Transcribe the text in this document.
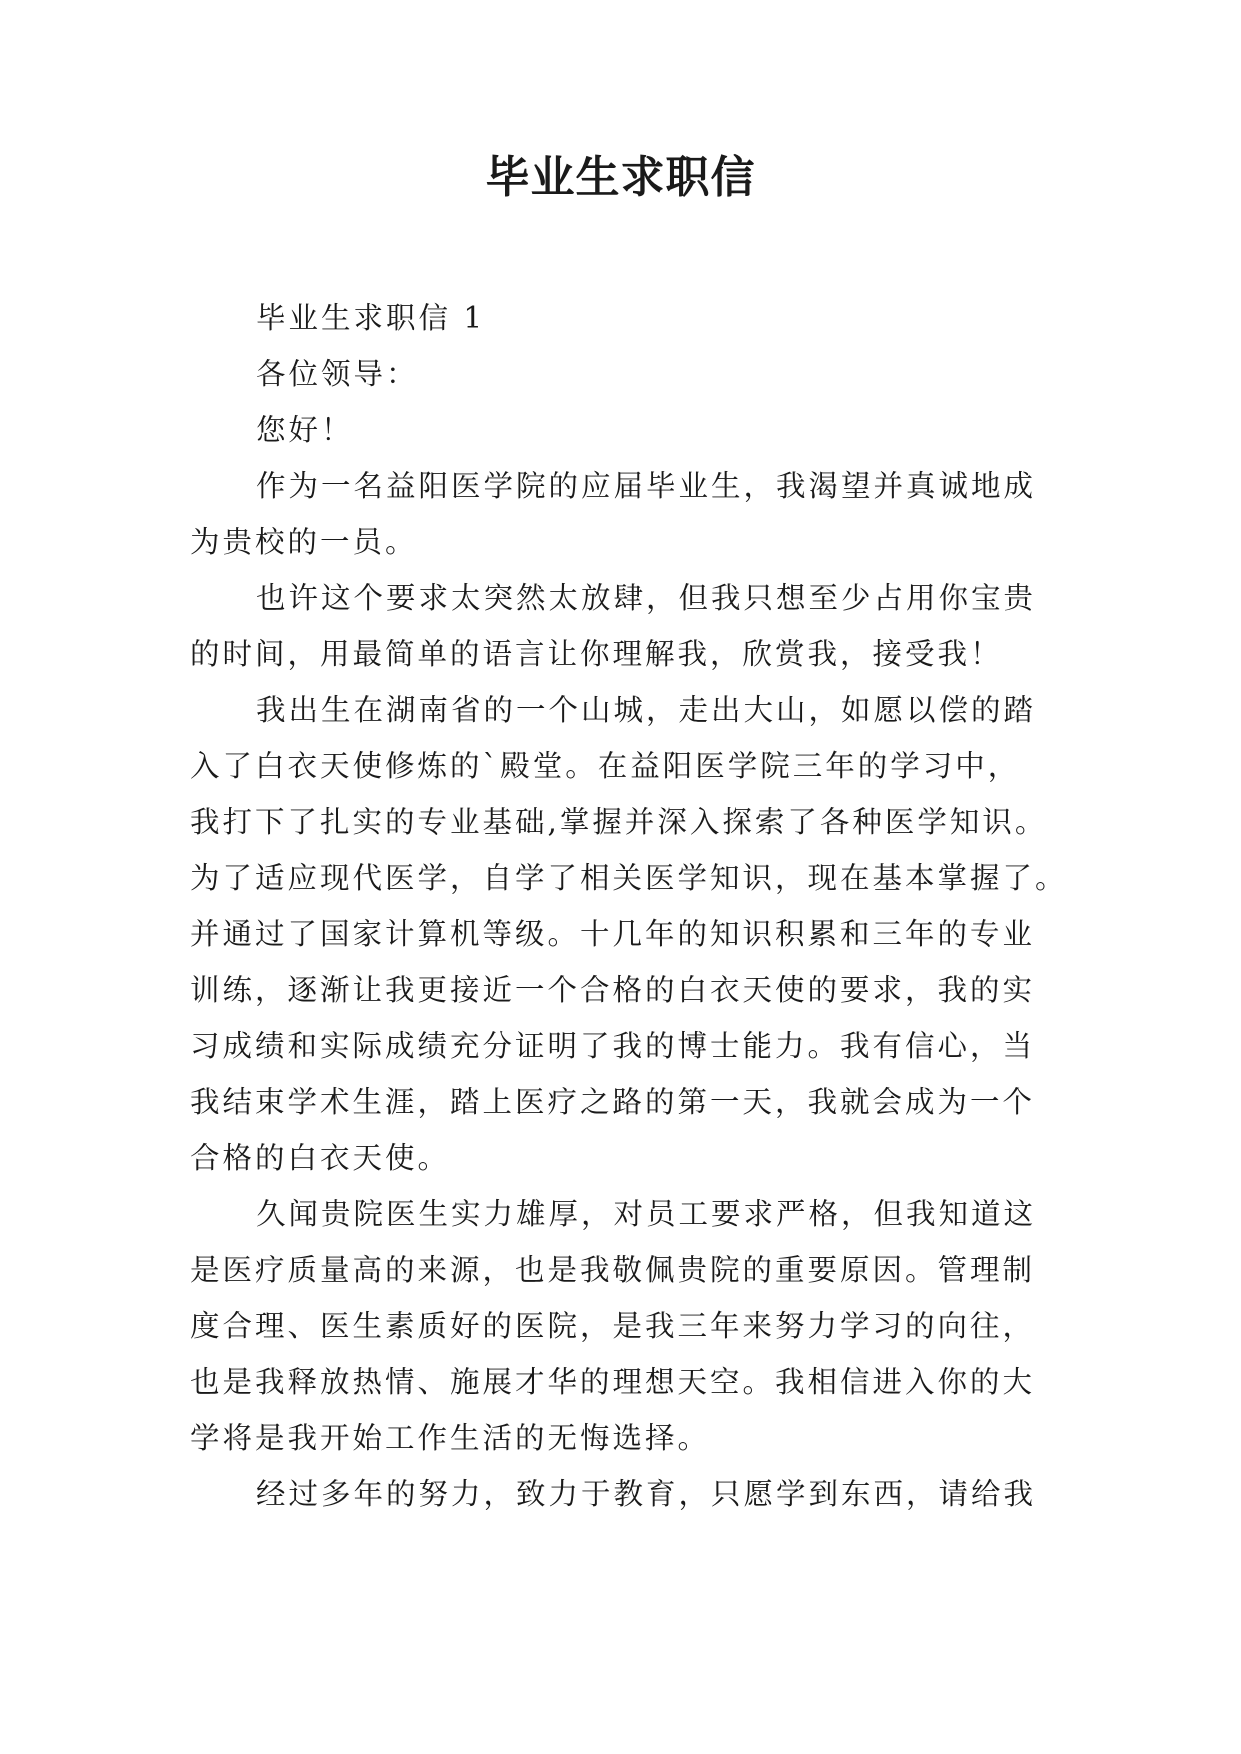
毕业生求职信
毕业生求职信 1
各位领导：
您好！
作为一名益阳医学院的应届毕业生，我渴望并真诚地成
为贵校的一员。
也许这个要求太突然太放肆，但我只想至少占用你宝贵
的时间，用最简单的语言让你理解我，欣赏我，接受我！
我出生在湖南省的一个山城，走出大山，如愿以偿的踏
入了白衣天使修炼的`殿堂。在益阳医学院三年的学习中，
我打下了扎实的专业基础,掌握并深入探索了各种医学知识。
为了适应现代医学，自学了相关医学知识，现在基本掌握了。
并通过了国家计算机等级。十几年的知识积累和三年的专业
训练，逐渐让我更接近一个合格的白衣天使的要求，我的实
习成绩和实际成绩充分证明了我的博士能力。我有信心，当
我结束学术生涯，踏上医疗之路的第一天，我就会成为一个
合格的白衣天使。
久闻贵院医生实力雄厚，对员工要求严格，但我知道这
是医疗质量高的来源，也是我敬佩贵院的重要原因。管理制
度合理、医生素质好的医院，是我三年来努力学习的向往，
也是我释放热情、施展才华的理想天空。我相信进入你的大
学将是我开始工作生活的无悔选择。
经过多年的努力，致力于教育，只愿学到东西，请给我
